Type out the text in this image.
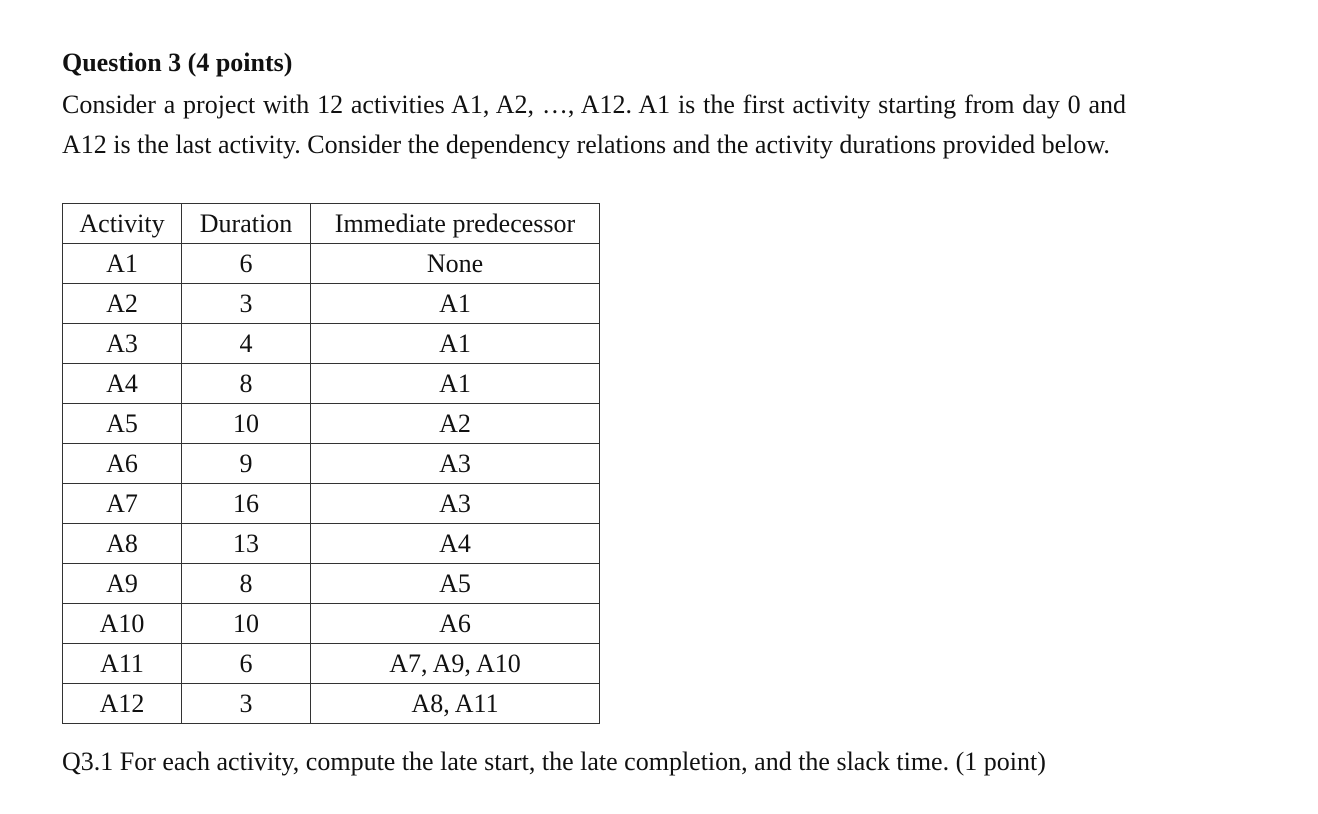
Question 3 (4 points)
Consider a project with 12 activities A1, A2, …, A12. A1 is the first activity starting from day 0 and A12 is the last activity. Consider the dependency relations and the activity durations provided below.
Activity	Duration	Immediate predecessor
A1	6	None
A2	3	A1
A3	4	A1
A4	8	A1
A5	10	A2
A6	9	A3
A7	16	A3
A8	13	A4
A9	8	A5
A10	10	A6
A11	6	A7, A9, A10
A12	3	A8, A11
Q3.1 For each activity, compute the late start, the late completion, and the slack time. (1 point)
